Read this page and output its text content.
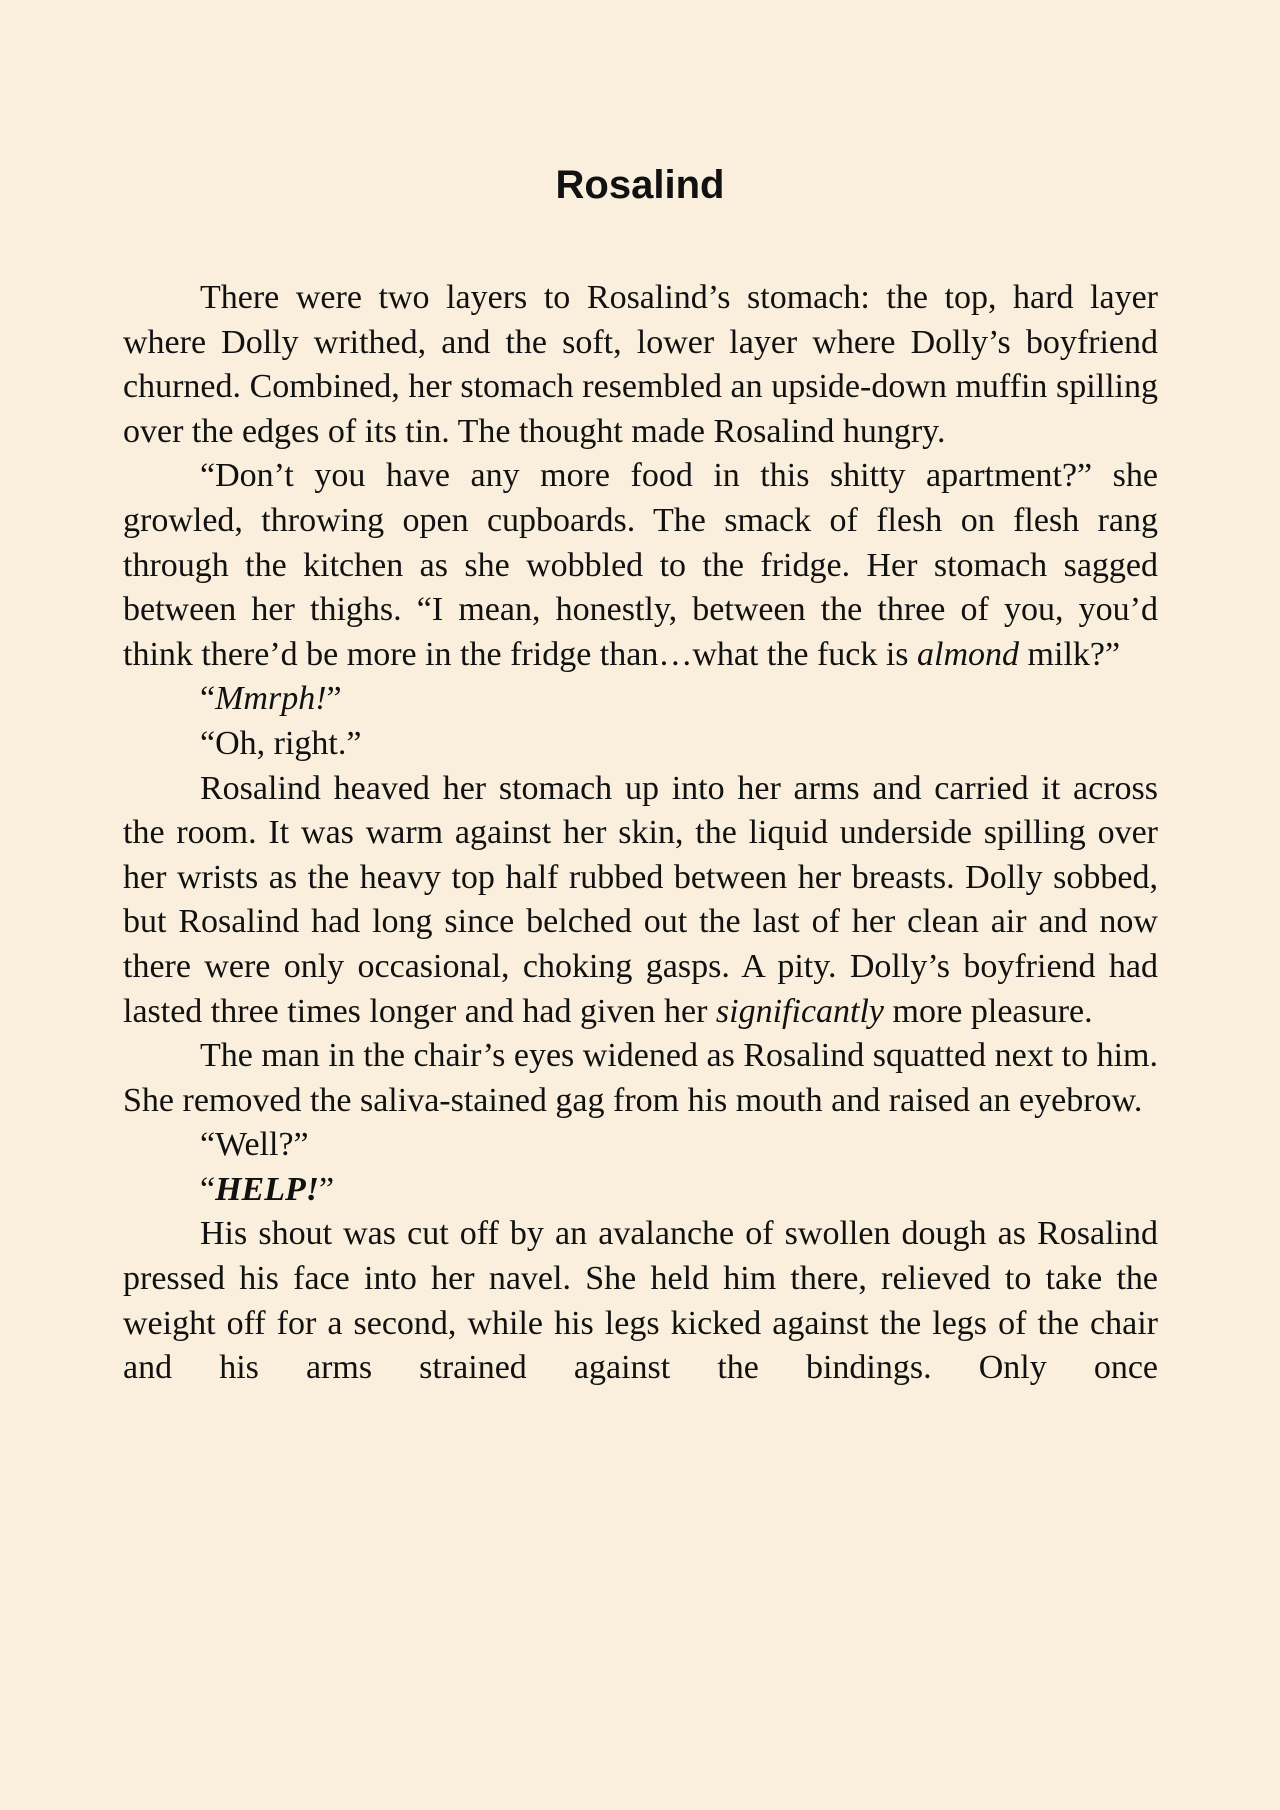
Rosalind

There were two layers to Rosalind’s stomach: the top, hard layer where Dolly writhed, and the soft, lower layer where Dolly’s boyfriend churned. Combined, her stomach resembled an upside-down muffin spilling over the edges of its tin. The thought made Rosalind hungry.

“Don’t you have any more food in this shitty apartment?” she growled, throwing open cupboards. The smack of flesh on flesh rang through the kitchen as she wobbled to the fridge. Her stomach sagged between her thighs. “I mean, honestly, between the three of you, you’d think there’d be more in the fridge than…what the fuck is almond milk?”

“Mmrph!”

“Oh, right.”

Rosalind heaved her stomach up into her arms and carried it across the room. It was warm against her skin, the liquid underside spilling over her wrists as the heavy top half rubbed between her breasts. Dolly sobbed, but Rosalind had long since belched out the last of her clean air and now there were only occasional, choking gasps. A pity. Dolly’s boyfriend had lasted three times longer and had given her significantly more pleasure.

The man in the chair’s eyes widened as Rosalind squatted next to him. She removed the saliva-stained gag from his mouth and raised an eyebrow.

“Well?”

“HELP!”

His shout was cut off by an avalanche of swollen dough as Rosalind pressed his face into her navel. She held him there, relieved to take the weight off for a second, while his legs kicked against the legs of the chair and his arms strained against the bindings. Only once
